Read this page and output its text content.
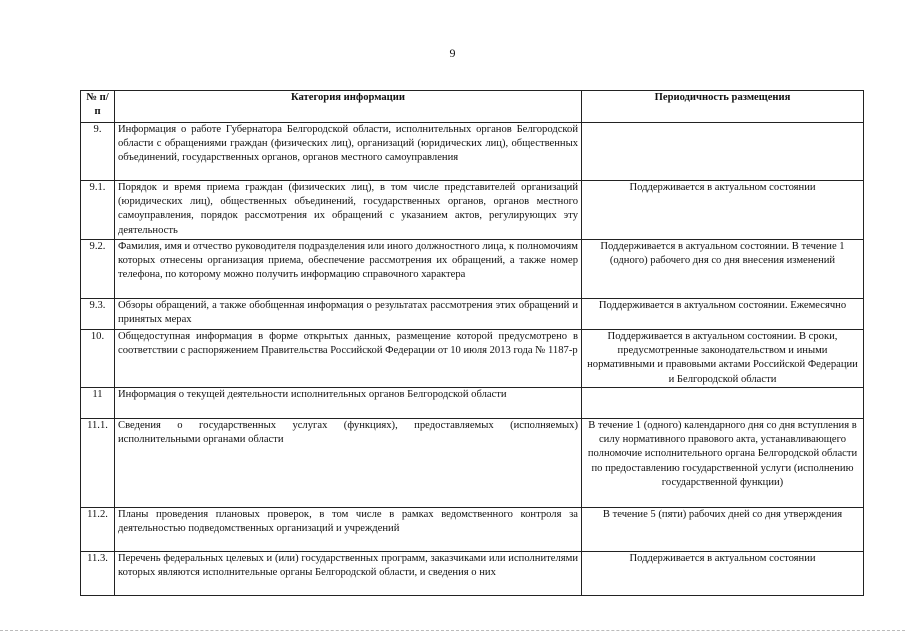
9
№ п/п	Категория информации	Периодичность размещения
9.	Информация о работе Губернатора Белгородской области, исполнительных органов Белгородской области с обращениями граждан (физических лиц), организаций (юридических лиц), общественных объединений, государственных органов, органов местного самоуправления	
9.1.	Порядок и время приема граждан (физических лиц), в том числе представителей организаций (юридических лиц), общественных объединений, государственных органов, органов местного самоуправления, порядок рассмотрения их обращений с указанием актов, регулирующих эту деятельность	Поддерживается в актуальном состоянии
9.2.	Фамилия, имя и отчество руководителя подразделения или иного должностного лица, к полномочиям которых отнесены организация приема, обеспечение рассмотрения их обращений, а также номер телефона, по которому можно получить информацию справочного характера	Поддерживается в актуальном состоянии. В течение 1 (одного) рабочего дня со дня внесения изменений
9.3.	Обзоры обращений, а также обобщенная информация о результатах рассмотрения этих обращений и принятых мерах	Поддерживается в актуальном состоянии. Ежемесячно
10.	Общедоступная информация в форме открытых данных, размещение которой предусмотрено в соответствии с распоряжением Правительства Российской Федерации от 10 июля 2013 года № 1187-р	Поддерживается в актуальном состоянии. В сроки, предусмотренные законодательством и иными нормативными и правовыми актами Российской Федерации и Белгородской области
11	Информация о текущей деятельности исполнительных органов Белгородской области	
11.1.	Сведения о государственных услугах (функциях), предоставляемых (исполняемых) исполнительными органами области	В течение 1 (одного) календарного дня со дня вступления в силу нормативного правового акта, устанавливающего полномочие исполнительного органа Белгородской области по предоставлению государственной услуги (исполнению государственной функции)
11.2.	Планы проведения плановых проверок, в том числе в рамках ведомственного контроля за деятельностью подведомственных организаций и учреждений	В течение 5 (пяти) рабочих дней со дня утверждения
11.3.	Перечень федеральных целевых и (или) государственных программ, заказчиками или исполнителями которых являются исполнительные органы Белгородской области, и сведения о них	Поддерживается в актуальном состоянии
